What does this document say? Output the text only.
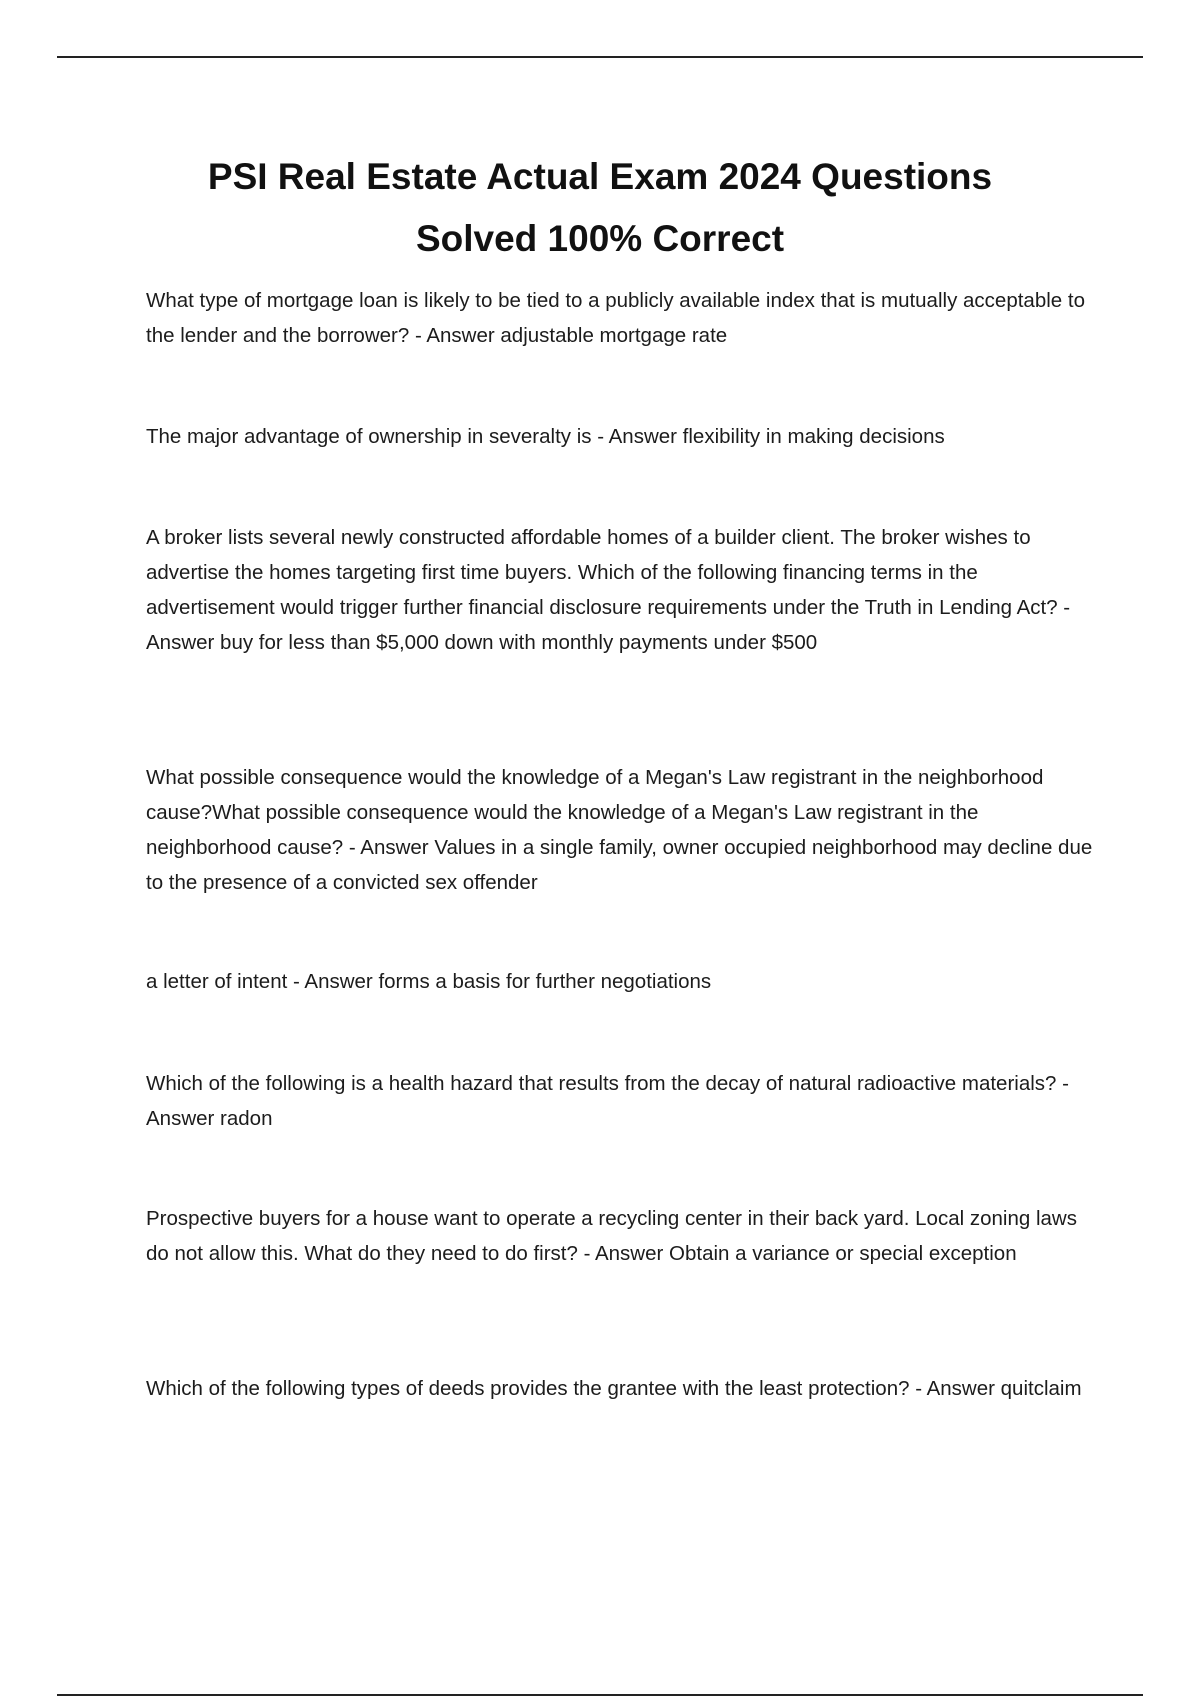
PSI Real Estate Actual Exam 2024 Questions
Solved 100% Correct

What type of mortgage loan is likely to be tied to a publicly available index that is mutually acceptable to the lender and the borrower? - Answer adjustable mortgage rate

The major advantage of ownership in severalty is - Answer flexibility in making decisions

A broker lists several newly constructed affordable homes of a builder client. The broker wishes to advertise the homes targeting first time buyers. Which of the following financing terms in the advertisement would trigger further financial disclosure requirements under the Truth in Lending Act? - Answer buy for less than $5,000 down with monthly payments under $500

What possible consequence would the knowledge of a Megan's Law registrant in the neighborhood cause?What possible consequence would the knowledge of a Megan's Law registrant in the neighborhood cause? - Answer Values in a single family, owner occupied neighborhood may decline due to the presence of a convicted sex offender

a letter of intent - Answer forms a basis for further negotiations

Which of the following is a health hazard that results from the decay of natural radioactive materials? - Answer radon

Prospective buyers for a house want to operate a recycling center in their back yard. Local zoning laws do not allow this. What do they need to do first? - Answer Obtain a variance or special exception

Which of the following types of deeds provides the grantee with the least protection? - Answer quitclaim
